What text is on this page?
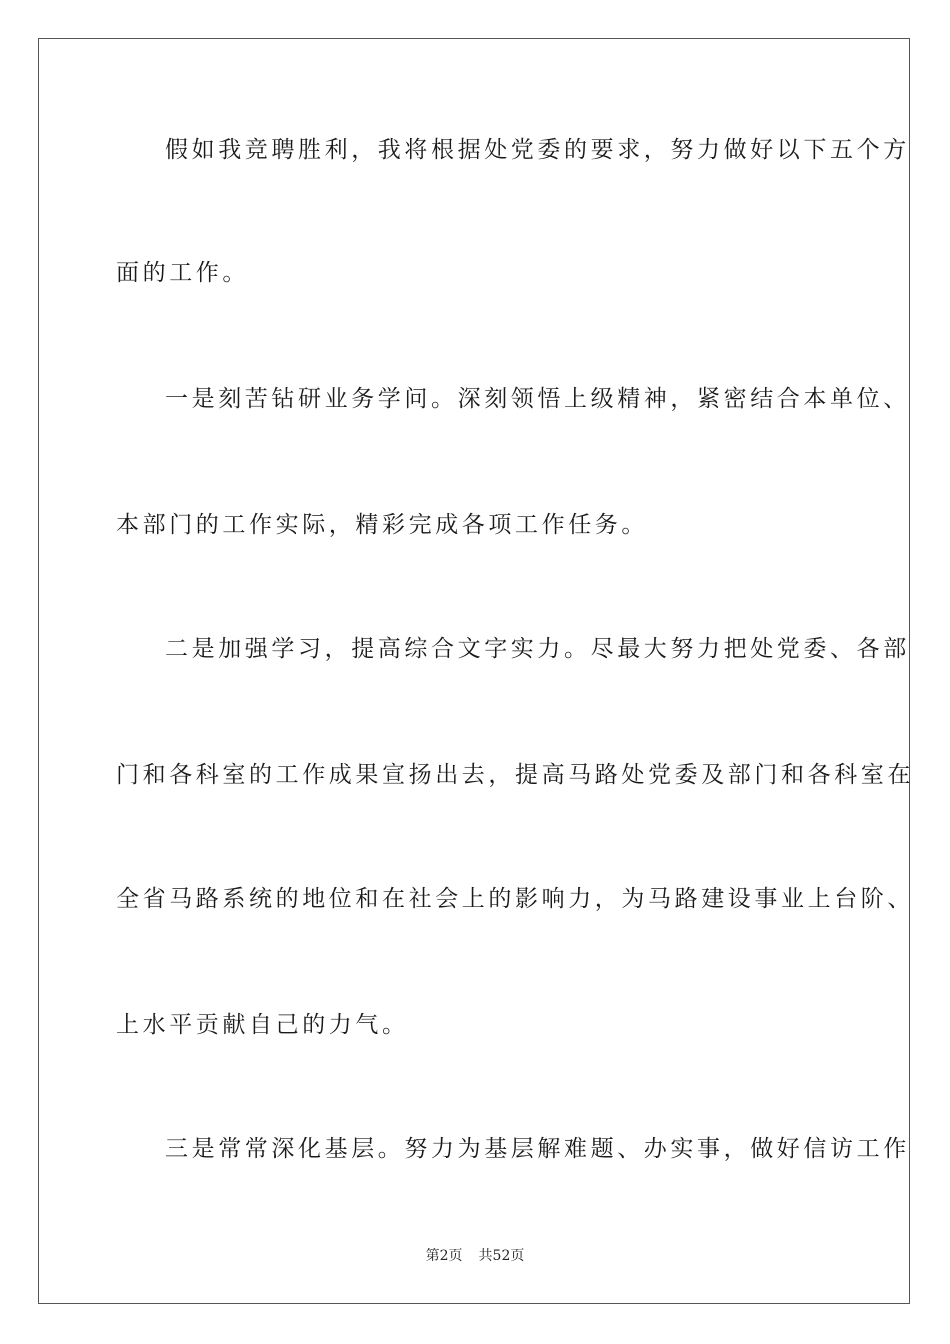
假如我竞聘胜利，我将根据处党委的要求，努力做好以下五个方
面的工作。
一是刻苦钻研业务学问。深刻领悟上级精神，紧密结合本单位、
本部门的工作实际，精彩完成各项工作任务。
二是加强学习，提高综合文字实力。尽最大努力把处党委、各部
门和各科室的工作成果宣扬出去，提高马路处党委及部门和各科室在
全省马路系统的地位和在社会上的影响力，为马路建设事业上台阶、
上水平贡献自己的力气。
三是常常深化基层。努力为基层解难题、办实事，做好信访工作
第2页 共52页
